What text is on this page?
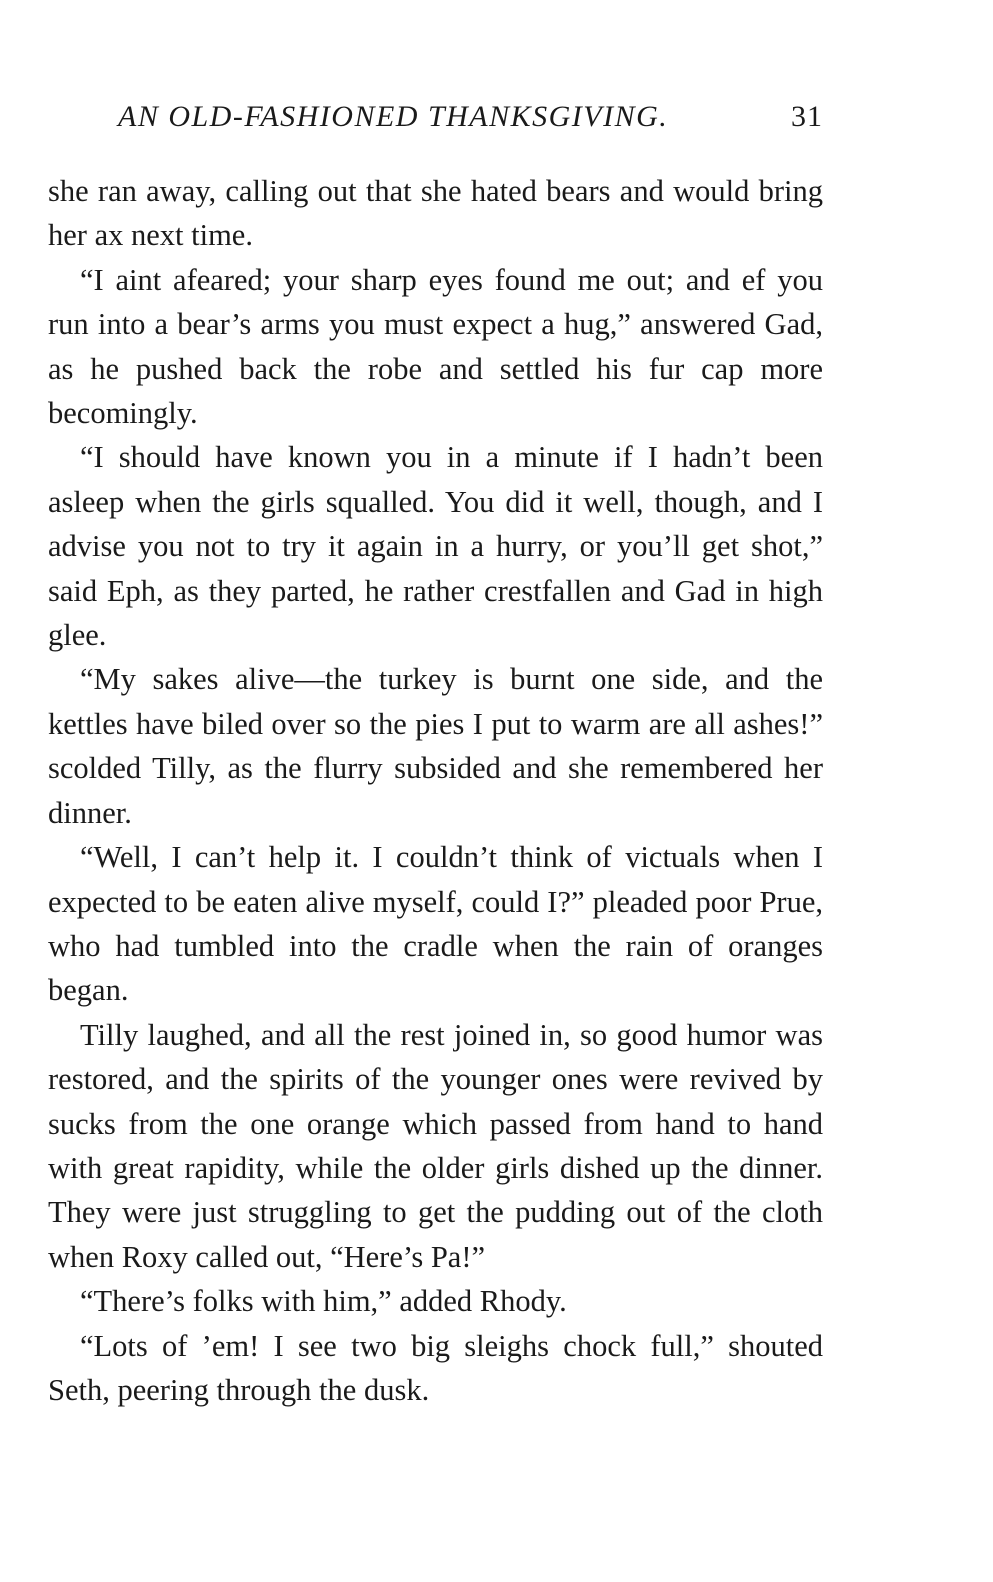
AN OLD-FASHIONED THANKSGIVING.	31

she ran away, calling out that she hated bears and would bring her ax next time.

“I aint afeared; your sharp eyes found me out; and ef you run into a bear’s arms you must expect a hug,” answered Gad, as he pushed back the robe and settled his fur cap more becomingly.

“I should have known you in a minute if I hadn’t been asleep when the girls squalled. You did it well, though, and I advise you not to try it again in a hurry, or you’ll get shot,” said Eph, as they parted, he rather crestfallen and Gad in high glee.

“My sakes alive—the turkey is burnt one side, and the kettles have biled over so the pies I put to warm are all ashes!” scolded Tilly, as the flurry subsided and she remembered her dinner.

“Well, I can’t help it. I couldn’t think of victuals when I expected to be eaten alive myself, could I?” pleaded poor Prue, who had tumbled into the cradle when the rain of oranges began.

Tilly laughed, and all the rest joined in, so good humor was restored, and the spirits of the younger ones were revived by sucks from the one orange which passed from hand to hand with great rapidity, while the older girls dished up the dinner. They were just struggling to get the pudding out of the cloth when Roxy called out, “Here’s Pa!”

“There’s folks with him,” added Rhody.

“Lots of ’em! I see two big sleighs chock full,” shouted Seth, peering through the dusk.
